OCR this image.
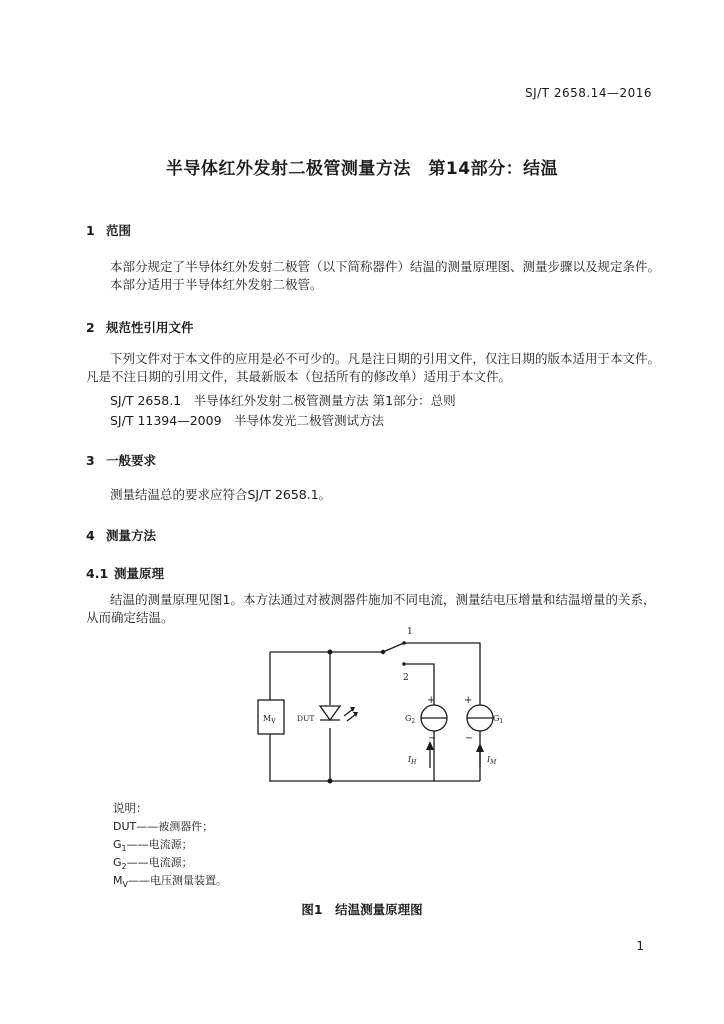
SJ/T 2658.14—2016
半导体红外发射二极管测量方法　第14部分：结温
1 范围
本部分规定了半导体红外发射二极管（以下简称器件）结温的测量原理图、测量步骤以及规定条件。
本部分适用于半导体红外发射二极管。
2 规范性引用文件
下列文件对于本文件的应用是必不可少的。凡是注日期的引用文件，仅注日期的版本适用于本文件。
凡是不注日期的引用文件，其最新版本（包括所有的修改单）适用于本文件。
SJ/T 2658.1　半导体红外发射二极管测量方法 第1部分：总则
SJ/T 11394—2009　半导体发光二极管测试方法
3 一般要求
测量结温总的要求应符合SJ/T 2658.1。
4 测量方法
4.1 测量原理
结温的测量原理见图1。本方法通过对被测器件施加不同电流，测量结电压增量和结温增量的关系，
从而确定结温。
1
2
$M_V$	DUT	$G_2$	$G_1$
+
−
+
−
$I_H$	$I_M$
说明：
DUT——被测器件；
$G_1——$电流源；
$G_2——$电流源；
$M_V——$电压测量装置。
图1　结温测量原理图
1
